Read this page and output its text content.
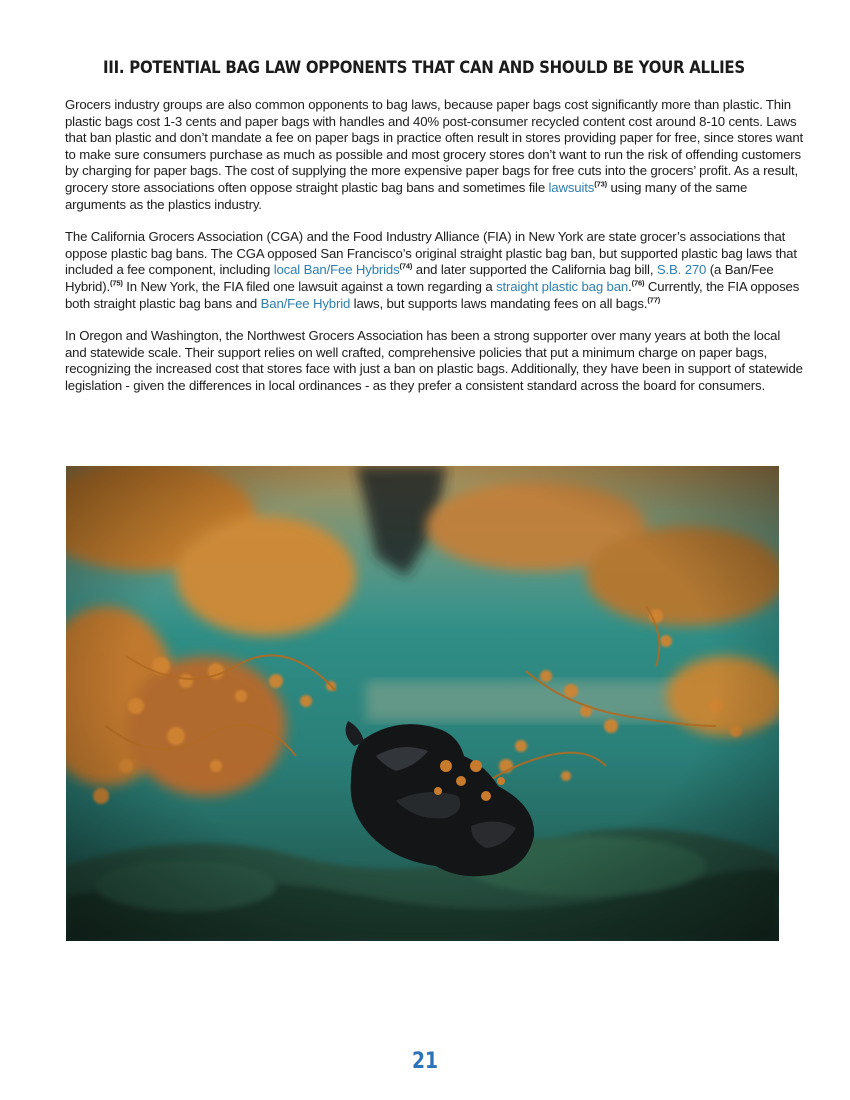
III. POTENTIAL BAG LAW OPPONENTS THAT CAN AND SHOULD BE YOUR ALLIES

Grocers industry groups are also common opponents to bag laws, because paper bags cost significantly more than plastic. Thin plastic bags cost 1-3 cents and paper bags with handles and 40% post-consumer recycled content cost around 8-10 cents. Laws that ban plastic and don’t mandate a fee on paper bags in practice often result in stores providing paper for free, since stores want to make sure consumers purchase as much as possible and most grocery stores don’t want to run the risk of offending customers by charging for paper bags. The cost of supplying the more expensive paper bags for free cuts into the grocers’ profit. As a result, grocery store associations often oppose straight plastic bag bans and sometimes file lawsuits$^{(73)}$ using many of the same arguments as the plastics industry.

The California Grocers Association (CGA) and the Food Industry Alliance (FIA) in New York are state grocer’s associations that oppose plastic bag bans. The CGA opposed San Francisco’s original straight plastic bag ban, but supported plastic bag laws that included a fee component, including local Ban/Fee Hybrids$^{(74)}$ and later supported the California bag bill, S.B. 270 (a Ban/Fee Hybrid).$^{(75)}$ In New York, the FIA filed one lawsuit against a town regarding a straight plastic bag ban.$^{(76)}$ Currently, the FIA opposes both straight plastic bag bans and Ban/Fee Hybrid laws, but supports laws mandating fees on all bags.$^{(77)}$

In Oregon and Washington, the Northwest Grocers Association has been a strong supporter over many years at both the local and statewide scale. Their support relies on well crafted, comprehensive policies that put a minimum charge on paper bags, recognizing the increased cost that stores face with just a ban on plastic bags. Additionally, they have been in support of statewide legislation - given the differences in local ordinances - as they prefer a consistent standard across the board for consumers.

21
